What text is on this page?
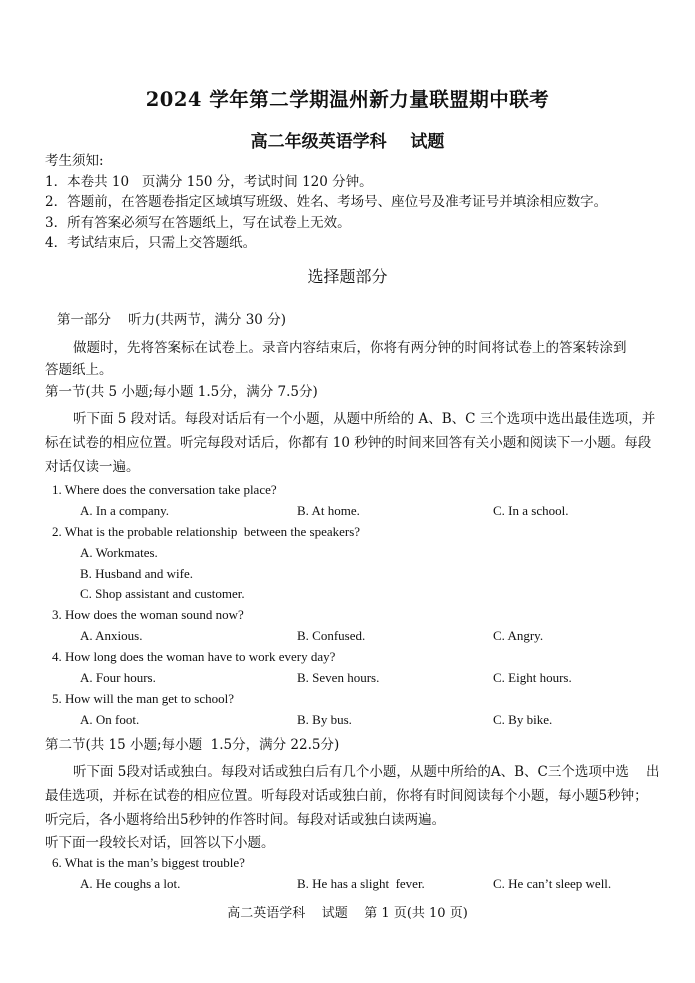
2024 学年第二学期温州新力量联盟期中联考
高二年级英语学科    试题
考生须知:
1．本卷共 10   页满分 150 分，考试时间 120 分钟。
2．答题前，在答题卷指定区域填写班级、姓名、考场号、座位号及准考证号并填涂相应数字。
3．所有答案必须写在答题纸上，写在试卷上无效。
4．考试结束后，只需上交答题纸。
选择题部分
第一部分    听力(共两节，满分 30 分)
做题时，先将答案标在试卷上。录音内容结束后，你将有两分钟的时间将试卷上的答案转涂到
答题纸上。
第一节(共 5 小题;每小题 1.5分，满分 7.5分)
听下面 5 段对话。每段对话后有一个小题，从题中所给的 A、B、C 三个选项中选出最佳选项，并
标在试卷的相应位置。听完每段对话后，你都有 10 秒钟的时间来回答有关小题和阅读下一小题。每段
对话仅读一遍。
1. Where does the conversation take place?
A. In a company.	B. At home.	C. In a school.
2. What is the probable relationship  between the speakers?
A. Workmates.
B. Husband and wife.
C. Shop assistant and customer.
3. How does the woman sound now?
A. Anxious.	B. Confused.	C. Angry.
4. How long does the woman have to work every day?
A. Four hours.	B. Seven hours.	C. Eight hours.
5. How will the man get to school?
A. On foot.	B. By bus.	C. By bike.
第二节(共 15 小题;每小题  1.5分，满分 22.5分)
听下面 5段对话或独白。每段对话或独白后有几个小题，从题中所给的A、B、C三个选项中选    出
最佳选项，并标在试卷的相应位置。听每段对话或独白前，你将有时间阅读每个小题，每小题5秒钟；
听完后，各小题将给出5秒钟的作答时间。每段对话或独白读两遍。
听下面一段较长对话，回答以下小题。
6. What is the man’s biggest trouble?
A. He coughs a lot.	B. He has a slight  fever.	C. He can’t sleep well.
高二英语学科    试题    第 1 页(共 10 页)
